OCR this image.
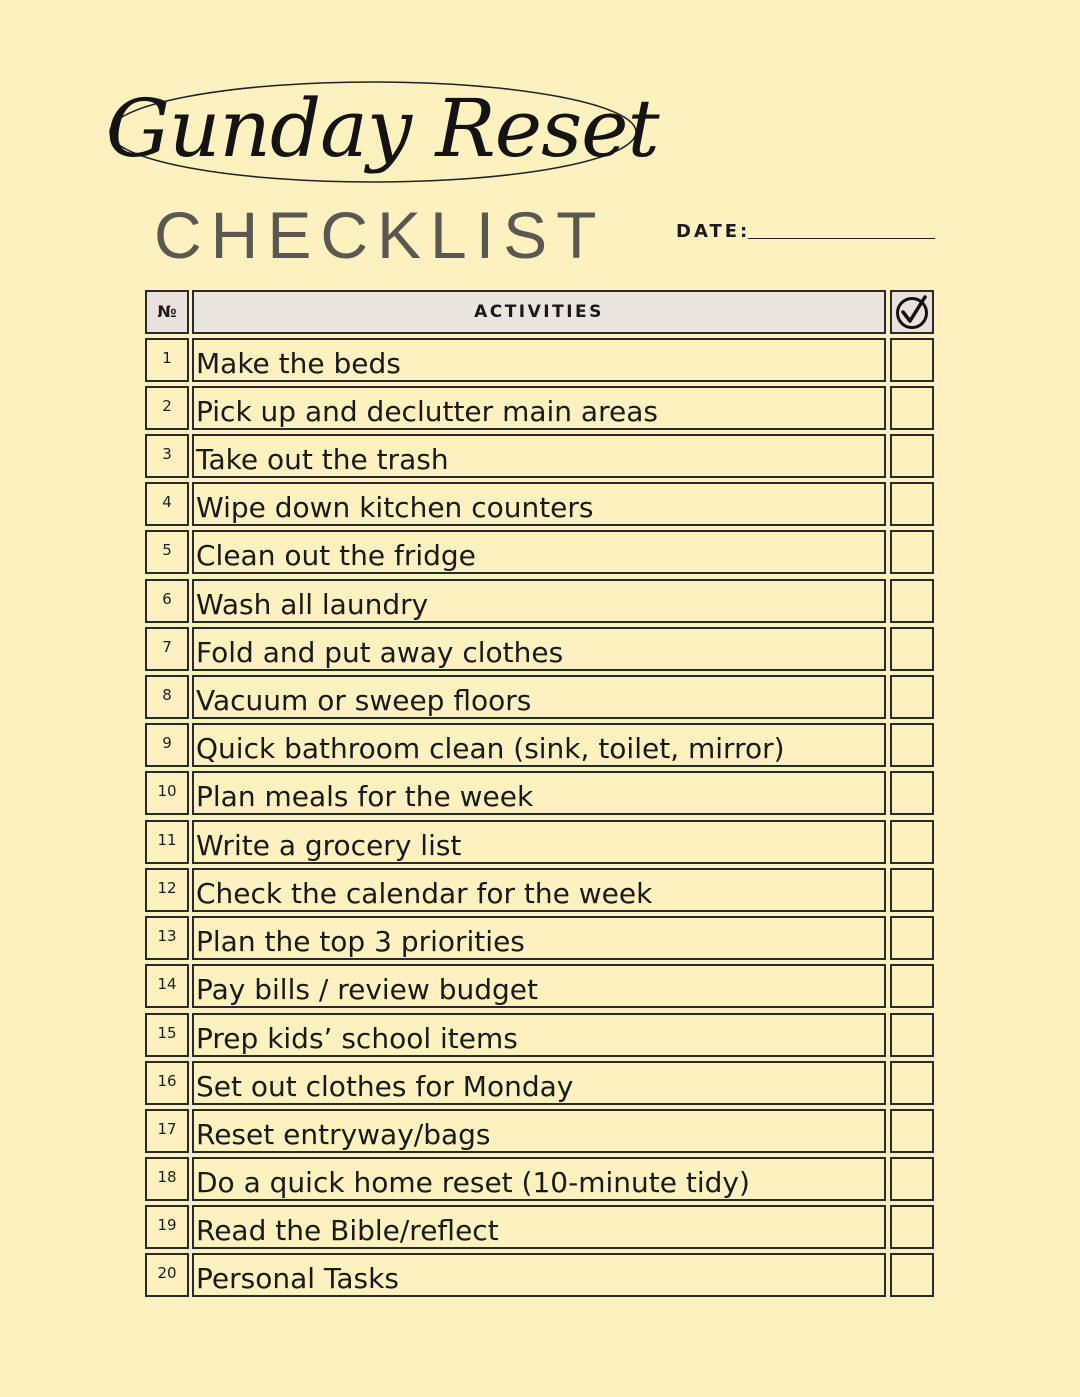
Gunday Reset
CHECKLIST	DATE:
№	ACTIVITIES
1 Make the beds
2 Pick up and declutter main areas
3 Take out the trash
4 Wipe down kitchen counters
5 Clean out the fridge
6 Wash all laundry
7 Fold and put away clothes
8 Vacuum or sweep floors
9 Quick bathroom clean (sink, toilet, mirror)
10 Plan meals for the week
11 Write a grocery list
12 Check the calendar for the week
13 Plan the top 3 priorities
14 Pay bills / review budget
15 Prep kids’ school items
16 Set out clothes for Monday
17 Reset entryway/bags
18 Do a quick home reset (10-minute tidy)
19 Read the Bible/reflect
20 Personal Tasks
